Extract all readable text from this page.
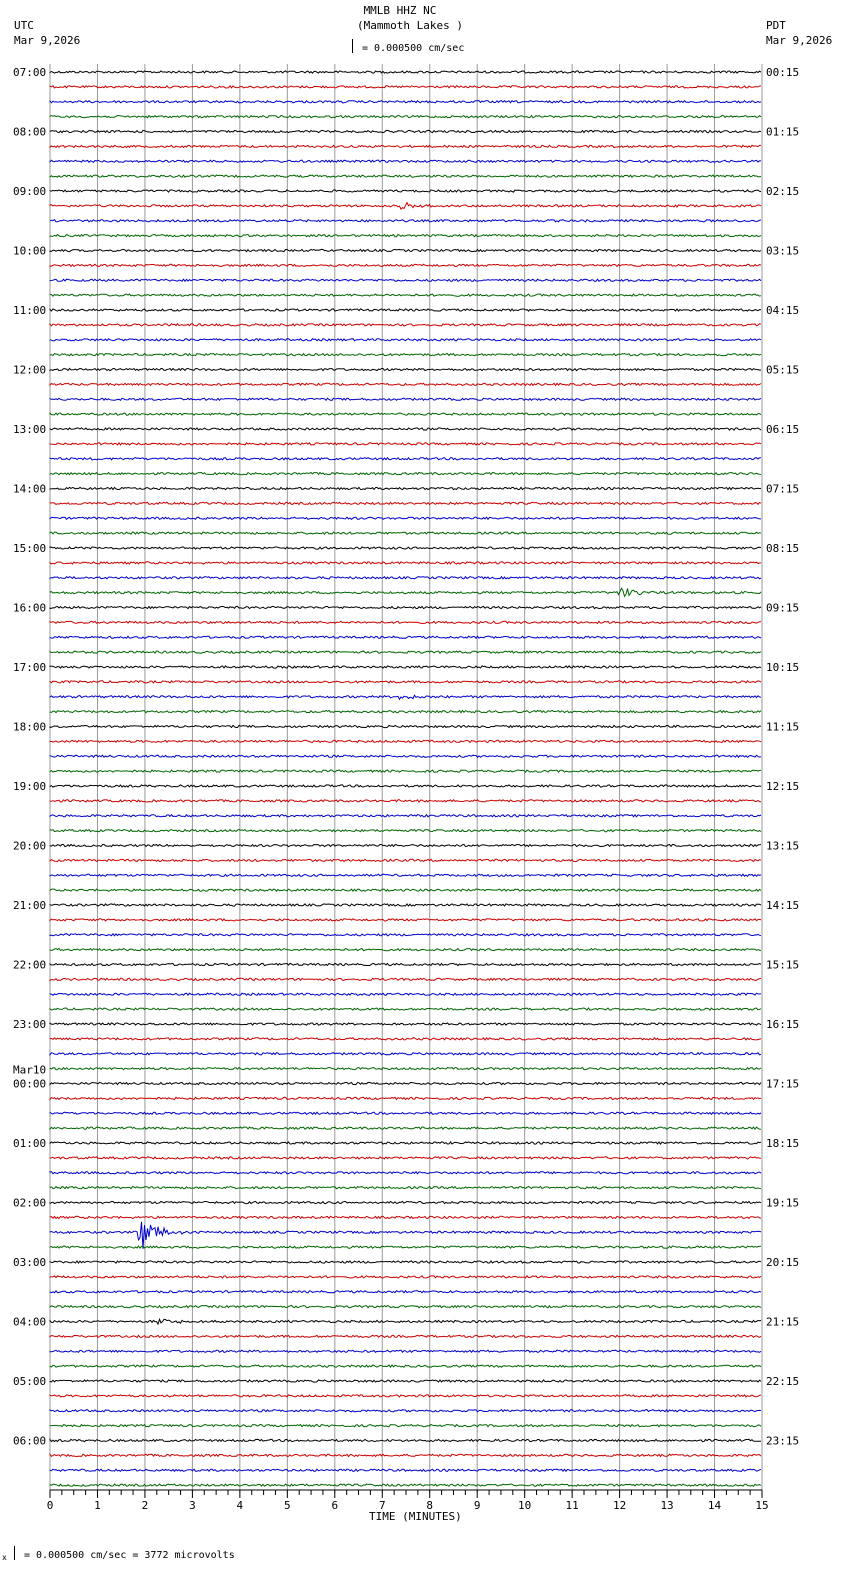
MMLB HHZ NC
(Mammoth Lakes )
= 0.000500 cm/sec
UTC
Mar 9,2026
PDT
Mar 9,2026
07:00
08:00
09:00
10:00
11:00
12:00
13:00
14:00
15:00
16:00
17:00
18:00
19:00
20:00
21:00
22:00
23:00
00:00
Mar10
01:00
02:00
03:00
04:00
05:00
06:00
00:15
01:15
02:15
03:15
04:15
05:15
06:15
07:15
08:15
09:15
10:15
11:15
12:15
13:15
14:15
15:15
16:15
17:15
18:15
19:15
20:15
21:15
22:15
23:15
0	1	2	3	4	5	6	7	8	9	10	11	12	13	14	15
TIME (MINUTES)
x = 0.000500 cm/sec = 3772 microvolts
